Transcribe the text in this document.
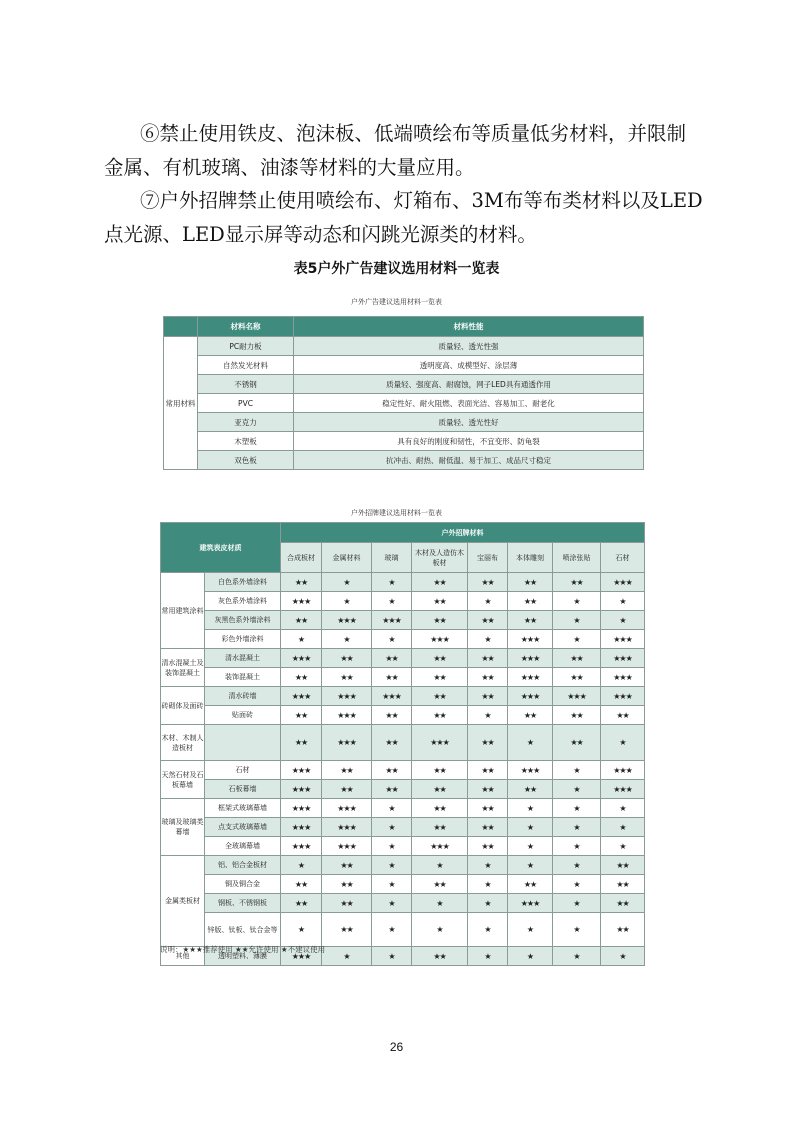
⑥禁止使用铁皮、泡沫板、低端喷绘布等质量低劣材料，并限制金属、有机玻璃、油漆等材料的大量应用。

⑦户外招牌禁止使用喷绘布、灯箱布、3M布等布类材料以及LED点光源、LED显示屏等动态和闪跳光源类的材料。

表5户外广告建议选用材料一览表
户外广告建议选用材料一览表
	材料名称	材料性能
常用材料	PC耐力板	质量轻、透光性强
	自然发光材料	透明度高、成模型好、涂层薄
	不锈钢	质量轻、强度高、耐腐蚀，网子LED具有通透作用
	PVC	稳定性好、耐火阻燃、表面光洁、容易加工、耐老化
	亚克力	质量轻、透光性好
	木塑板	具有良好的刚度和韧性，不宜变形、防龟裂
	双色板	抗冲击、耐热、耐低温、易于加工、成品尺寸稳定
户外招牌建议选用材料一览表
建筑表皮材质		户外招牌材料							
		合成板材	金属材料	玻璃	木材及人造仿木板材	宝丽布	本体雕刻	喷涂张贴	石材
常用建筑涂料	白色系外墙涂料	★★	★	★	★★	★★	★★	★★	★★★
	灰色系外墙涂料	★★★	★	★	★★	★	★★	★	★
	灰黑色系外墙涂料	★★	★★★	★★★	★★	★★	★★	★	★
	彩色外墙涂料	★	★	★	★★★	★	★★★	★	★★★
清水混凝土及装饰混凝土	清水混凝土	★★★	★★	★★	★★	★★	★★★	★★	★★★
	装饰混凝土	★★	★★	★★	★★	★★	★★★	★★	★★★
砖砌体及面砖	清水砖墙	★★★	★★★	★★★	★★	★★	★★★	★★★	★★★
	贴面砖	★★	★★★	★★	★★	★	★★	★★	★★
木材、木制人造板材		★★	★★★	★★	★★★	★★	★	★★	★
天然石材及石板幕墙	石材	★★★	★★	★★	★★	★★	★★★	★	★★★
	石板幕墙	★★★	★★	★★	★★	★★	★★	★	★★★
玻璃及玻璃类幕墙	框架式玻璃幕墙	★★★	★★★	★	★★	★★	★	★	★
	点支式玻璃幕墙	★★★	★★★	★	★★	★★	★	★	★
	全玻璃幕墙	★★★	★★★	★	★★★	★★	★	★	★
金属类板材	铝、铝合金板材	★	★★	★	★	★	★	★	★★
	铜及铜合金	★★	★★	★	★★	★	★★	★	★★
	钢板、不锈钢板	★★	★★	★	★	★	★★★	★	★★
	锌版、钛板、钛合金等	★	★★	★	★	★	★	★	★★
其他	透明塑料、薄膜	★★★	★	★	★★	★	★	★	★
说明：★★★推荐使用 ★★允许使用 ★不建议使用
26
